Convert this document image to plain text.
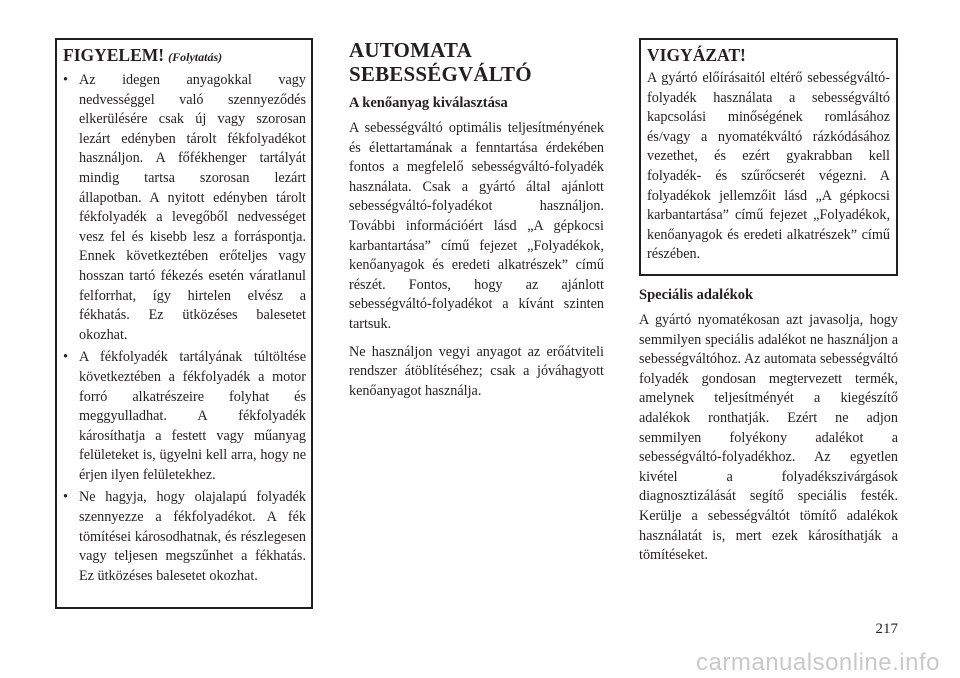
FIGYELEM! (Folytatás)
• Az idegen anyagokkal vagy nedvességgel való szennyeződés elkerülésére csak új vagy szorosan lezárt edényben tárolt fékfolyadékot használjon. A főfékhenger tartályát mindig tartsa szorosan lezárt állapotban. A nyitott edényben tárolt fékfolyadék a levegőből nedvességet vesz fel és kisebb lesz a forráspontja. Ennek következtében erőteljes vagy hosszan tartó fékezés esetén váratlanul felforrhat, így hirtelen elvész a fékhatás. Ez ütközéses balesetet okozhat.
• A fékfolyadék tartályának túltöltése következtében a fékfolyadék a motor forró alkatrészeire folyhat és meggyulladhat. A fékfolyadék károsíthatja a festett vagy műanyag felületeket is, ügyelni kell arra, hogy ne érjen ilyen felületekhez.
• Ne hagyja, hogy olajalapú folyadék szennyezze a fékfolyadékot. A fék tömítései károsodhatnak, és részlegesen vagy teljesen megszűnhet a fékhatás. Ez ütközéses balesetet okozhat.
AUTOMATA SEBESSÉGVÁLTÓ
A kenőanyag kiválasztása

A sebességváltó optimális teljesítményének és élettartamának a fenntartása érdekében fontos a megfelelő sebességváltó-folyadék használata. Csak a gyártó által ajánlott sebességváltó-folyadékot használjon. További információért lásd „A gépkocsi karbantartása” című fejezet „Folyadékok, kenőanyagok és eredeti alkatrészek” című részét. Fontos, hogy az ajánlott sebességváltó-folyadékot a kívánt szinten tartsuk.

Ne használjon vegyi anyagot az erőátviteli rendszer átöblítéséhez; csak a jóváhagyott kenőanyagot használja.

VIGYÁZAT!

A gyártó előírásaitól eltérő sebességváltó-folyadék használata a sebességváltó kapcsolási minőségének romlásához és/vagy a nyomatékváltó rázkódásához vezethet, és ezért gyakrabban kell folyadék- és szűrőcserét végezni. A folyadékok jellemzőit lásd „A gépkocsi karbantartása” című fejezet „Folyadékok, kenőanyagok és eredeti alkatrészek” című részében.

Speciális adalékok

A gyártó nyomatékosan azt javasolja, hogy semmilyen speciális adalékot ne használjon a sebességváltóhoz. Az automata sebességváltó folyadék gondosan megtervezett termék, amelynek teljesítményét a kiegészítő adalékok ronthatják. Ezért ne adjon semmilyen folyékony adalékot a sebességváltó-folyadékhoz. Az egyetlen kivétel a folyadékszivárgások diagnosztizálását segítő speciális festék. Kerülje a sebességváltót tömítő adalékok használatát is, mert ezek károsíthatják a tömítéseket.

217
carmanualsonline.info
